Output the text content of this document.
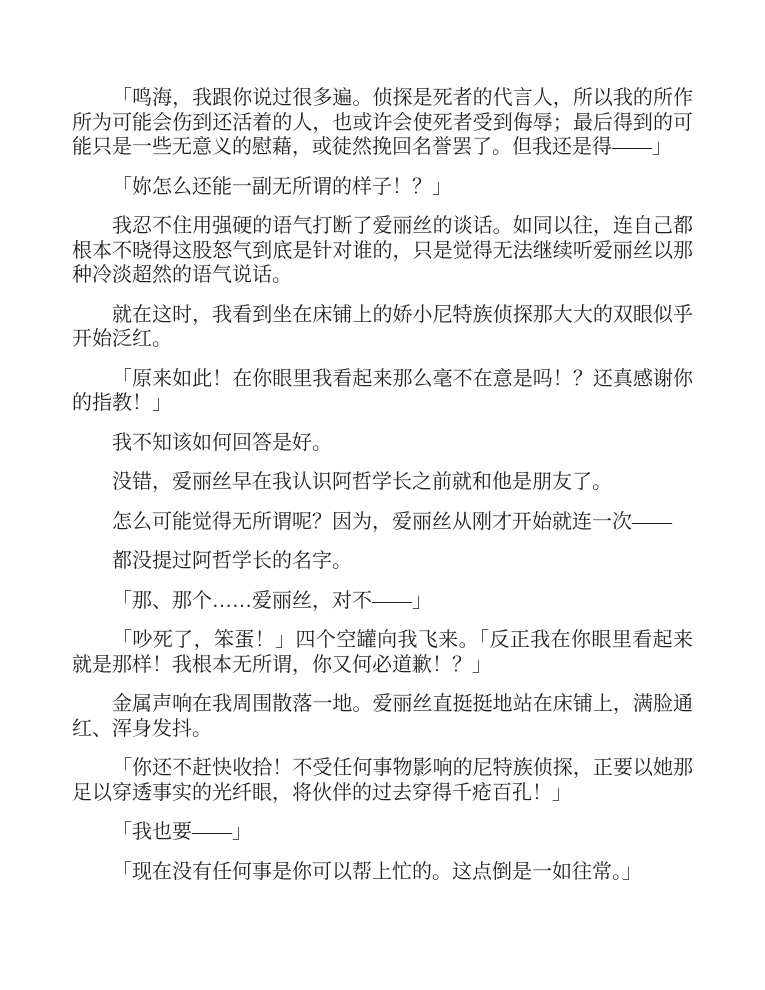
「鸣海，我跟你说过很多遍。侦探是死者的代言人，所以我的所作所为可能会伤到还活着的人，也或许会使死者受到侮辱；最后得到的可能只是一些无意义的慰藉，或徒然挽回名誉罢了。但我还是得——」

「妳怎么还能一副无所谓的样子！？」

我忍不住用强硬的语气打断了爱丽丝的谈话。如同以往，连自己都根本不晓得这股怒气到底是针对谁的，只是觉得无法继续听爱丽丝以那种冷淡超然的语气说话。

就在这时，我看到坐在床铺上的娇小尼特族侦探那大大的双眼似乎开始泛红。

「原来如此！在你眼里我看起来那么毫不在意是吗！？还真感谢你的指教！」

我不知该如何回答是好。

没错，爱丽丝早在我认识阿哲学长之前就和他是朋友了。

怎么可能觉得无所谓呢？因为，爱丽丝从刚才开始就连一次——

都没提过阿哲学长的名字。

「那、那个……爱丽丝，对不——」

「吵死了，笨蛋！」四个空罐向我飞来。「反正我在你眼里看起来就是那样！我根本无所谓，你又何必道歉！？」

金属声响在我周围散落一地。爱丽丝直挺挺地站在床铺上，满脸通红、浑身发抖。

「你还不赶快收拾！不受任何事物影响的尼特族侦探，正要以她那足以穿透事实的光纤眼，将伙伴的过去穿得千疮百孔！」

「我也要——」

「现在没有任何事是你可以帮上忙的。这点倒是一如往常。」
